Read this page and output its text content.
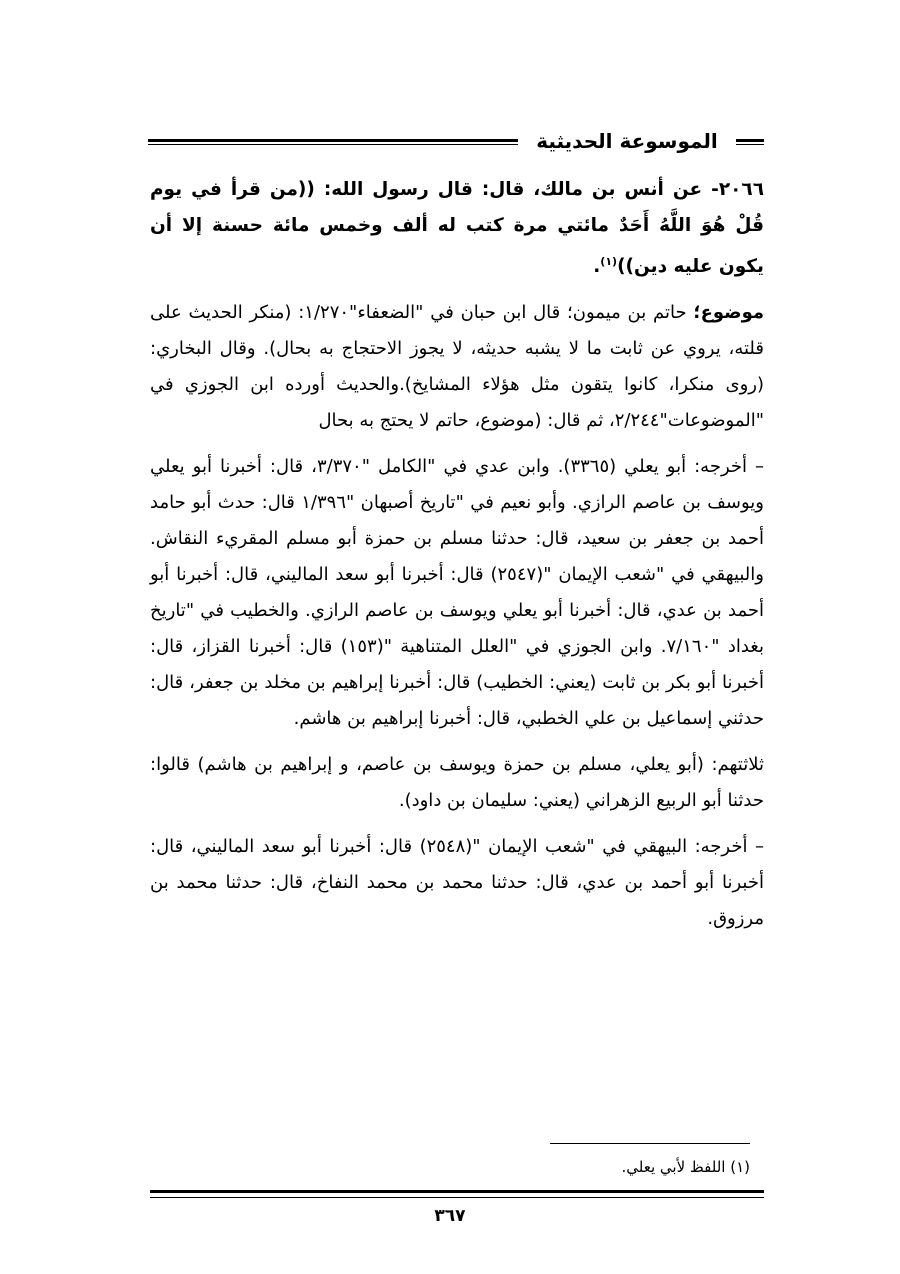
الموسوعة الحديثية

٢٠٦٦- عن أنس بن مالك، قال: قال رسول الله: ((من قرأ في يوم قُلْ هُوَ اللَّهُ أَحَدٌ مائتي مرة كتب له ألف وخمس مائة حسنة إلا أن يكون عليه دين))$^{(١)}$.

موضوع؛ حاتم بن ميمون؛ قال ابن حبان في "الضعفاء"١/٢٧٠: (منكر الحديث على قلته، يروي عن ثابت ما لا يشبه حديثه، لا يجوز الاحتجاج به بحال). وقال البخاري: (روى منكرا، كانوا يتقون مثل هؤلاء المشايخ).والحديث أورده ابن الجوزي في "الموضوعات"٢/٢٤٤، ثم قال: (موضوع، حاتم لا يحتج به بحال

– أخرجه: أبو يعلي (٣٣٦٥). وابن عدي في "الكامل "٣/٣٧٠، قال: أخبرنا أبو يعلي ويوسف بن عاصم الرازي. وأبو نعيم في "تاريخ أصبهان "١/٣٩٦ قال: حدث أبو حامد أحمد بن جعفر بن سعيد، قال: حدثنا مسلم بن حمزة أبو مسلم المقريء النقاش. والبيهقي في "شعب الإيمان "(٢٥٤٧) قال: أخبرنا أبو سعد الماليني، قال: أخبرنا أبو أحمد بن عدي، قال: أخبرنا أبو يعلي ويوسف بن عاصم الرازي. والخطيب في "تاريخ بغداد "٧/١٦٠. وابن الجوزي في "العلل المتناهية "(١٥٣) قال: أخبرنا القزاز، قال: أخبرنا أبو بكر بن ثابت (يعني: الخطيب) قال: أخبرنا إبراهيم بن مخلد بن جعفر، قال: حدثني إسماعيل بن علي الخطبي، قال: أخبرنا إبراهيم بن هاشم.

ثلاثتهم: (أبو يعلي، مسلم بن حمزة ويوسف بن عاصم، و إبراهيم بن هاشم) قالوا: حدثنا أبو الربيع الزهراني (يعني: سليمان بن داود).

– أخرجه: البيهقي في "شعب الإيمان "(٢٥٤٨) قال: أخبرنا أبو سعد الماليني، قال: أخبرنا أبو أحمد بن عدي، قال: حدثنا محمد بن محمد النفاخ، قال: حدثنا محمد بن مرزوق.

(١) اللفظ لأبي يعلي.
٣٦٧
